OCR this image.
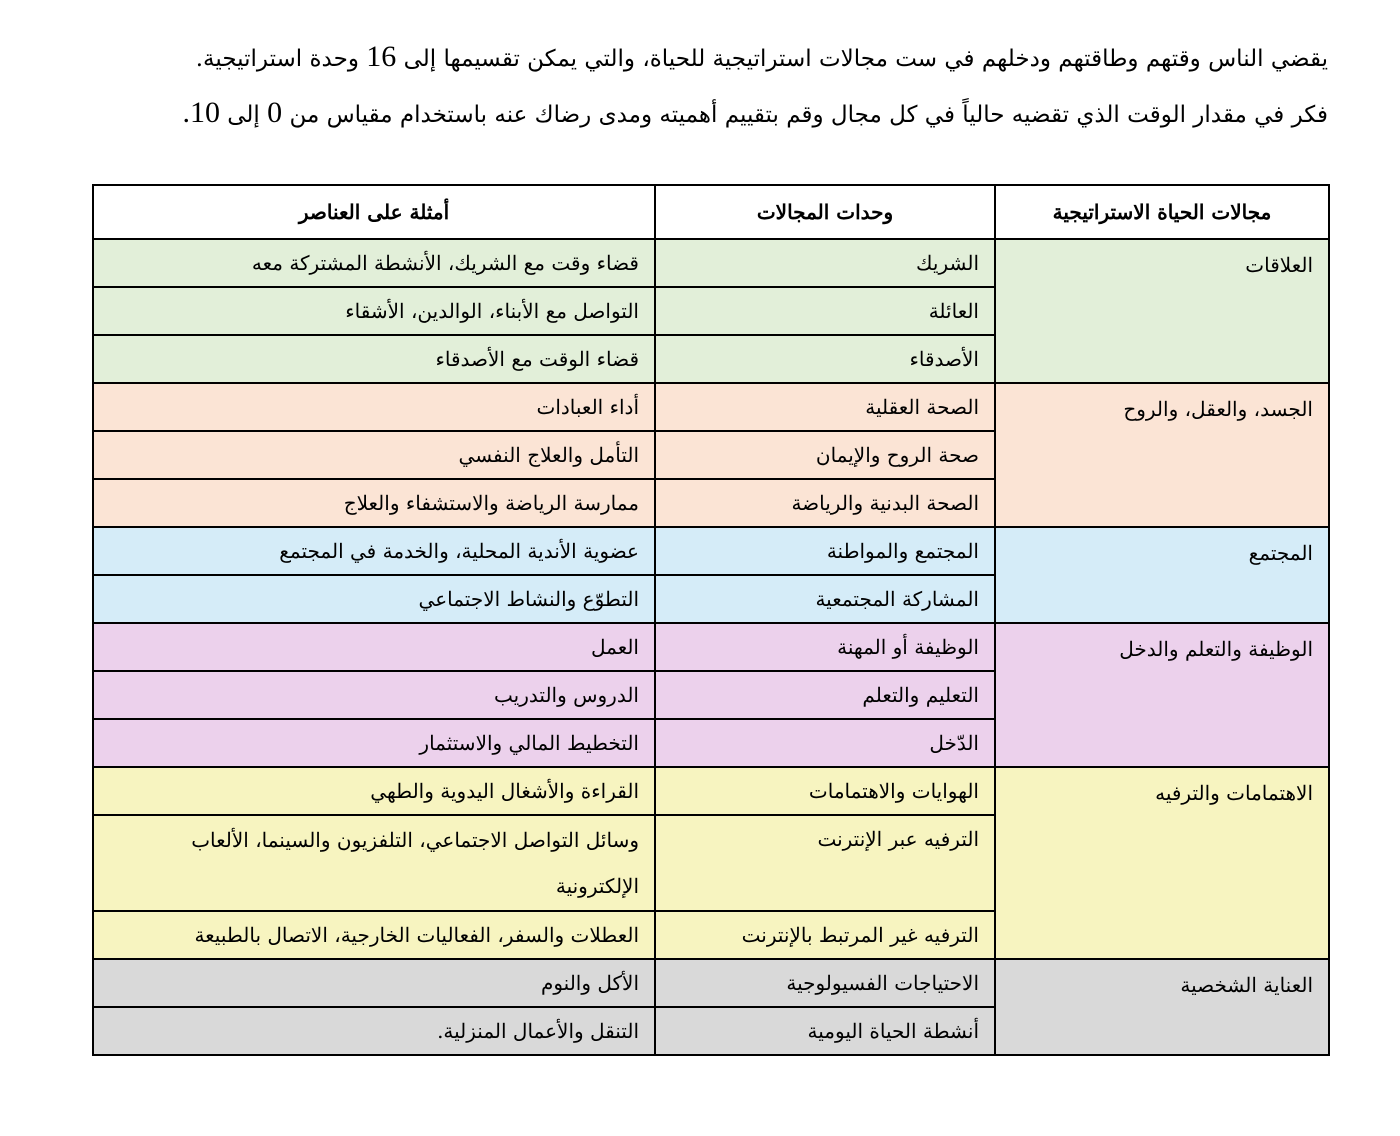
يقضي الناس وقتهم وطاقتهم ودخلهم في ست مجالات استراتيجية للحياة، والتي يمكن تقسيمها إلى 16 وحدة استراتيجية.

فكر في مقدار الوقت الذي تقضيه حالياً في كل مجال وقم بتقييم أهميته ومدى رضاك عنه باستخدام مقياس من 0 إلى 10.

مجالات الحياة الاستراتيجية	وحدات المجالات	أمثلة على العناصر
العلاقات	الشريك	قضاء وقت مع الشريك، الأنشطة المشتركة معه
	العائلة	التواصل مع الأبناء، الوالدين، الأشقاء
	الأصدقاء	قضاء الوقت مع الأصدقاء
الجسد، والعقل، والروح	الصحة العقلية	أداء العبادات
	صحة الروح والإيمان	التأمل والعلاج النفسي
	الصحة البدنية والرياضة	ممارسة الرياضة والاستشفاء والعلاج
المجتمع	المجتمع والمواطنة	عضوية الأندية المحلية، والخدمة في المجتمع
	المشاركة المجتمعية	التطوّع والنشاط الاجتماعي
الوظيفة والتعلم والدخل	الوظيفة أو المهنة	العمل
	التعليم والتعلم	الدروس والتدريب
	الدّخل	التخطيط المالي والاستثمار
الاهتمامات والترفيه	الهوايات والاهتمامات	القراءة والأشغال اليدوية والطهي
	الترفيه عبر الإنترنت	وسائل التواصل الاجتماعي، التلفزيون والسينما، الألعاب الإلكترونية
	الترفيه غير المرتبط بالإنترنت	العطلات والسفر، الفعاليات الخارجية، الاتصال بالطبيعة
العناية الشخصية	الاحتياجات الفسيولوجية	الأكل والنوم
	أنشطة الحياة اليومية	التنقل والأعمال المنزلية.
